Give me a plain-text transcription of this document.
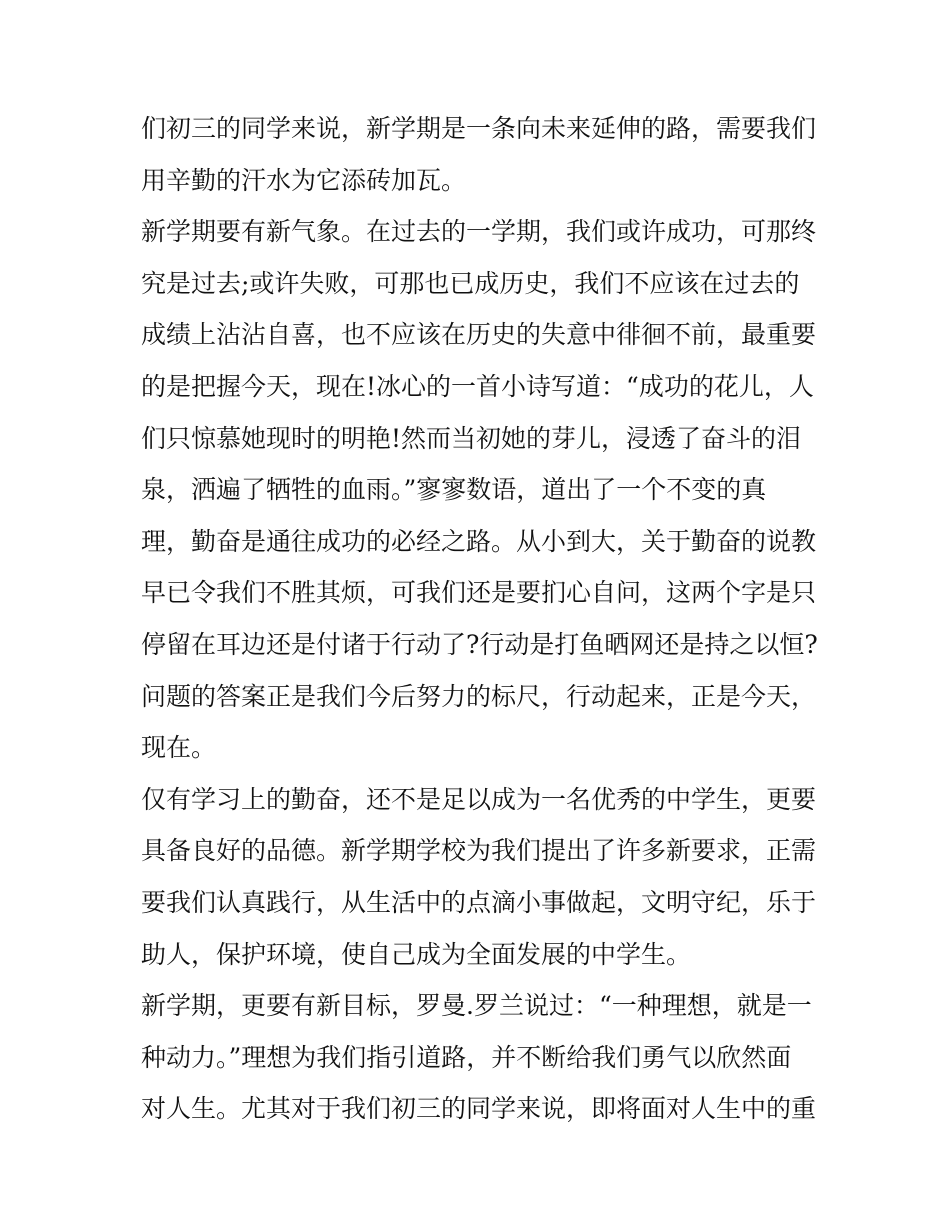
们初三的同学来说，新学期是一条向未来延伸的路，需要我们
用辛勤的汗水为它添砖加瓦。
新学期要有新气象。在过去的一学期，我们或许成功，可那终
究是过去;或许失败，可那也已成历史，我们不应该在过去的
成绩上沾沾自喜，也不应该在历史的失意中徘徊不前，最重要
的是把握今天，现在!冰心的一首小诗写道：“成功的花儿，人
们只惊慕她现时的明艳!然而当初她的芽儿，浸透了奋斗的泪
泉，洒遍了牺牲的血雨。”寥寥数语，道出了一个不变的真
理，勤奋是通往成功的必经之路。从小到大，关于勤奋的说教
早已令我们不胜其烦，可我们还是要扪心自问，这两个字是只
停留在耳边还是付诸于行动了?行动是打鱼晒网还是持之以恒?
问题的答案正是我们今后努力的标尺，行动起来，正是今天，
现在。
仅有学习上的勤奋，还不是足以成为一名优秀的中学生，更要
具备良好的品德。新学期学校为我们提出了许多新要求，正需
要我们认真践行，从生活中的点滴小事做起，文明守纪，乐于
助人，保护环境，使自己成为全面发展的中学生。
新学期，更要有新目标，罗曼.罗兰说过：“一种理想，就是一
种动力。”理想为我们指引道路，并不断给我们勇气以欣然面
对人生。尤其对于我们初三的同学来说，即将面对人生中的重
